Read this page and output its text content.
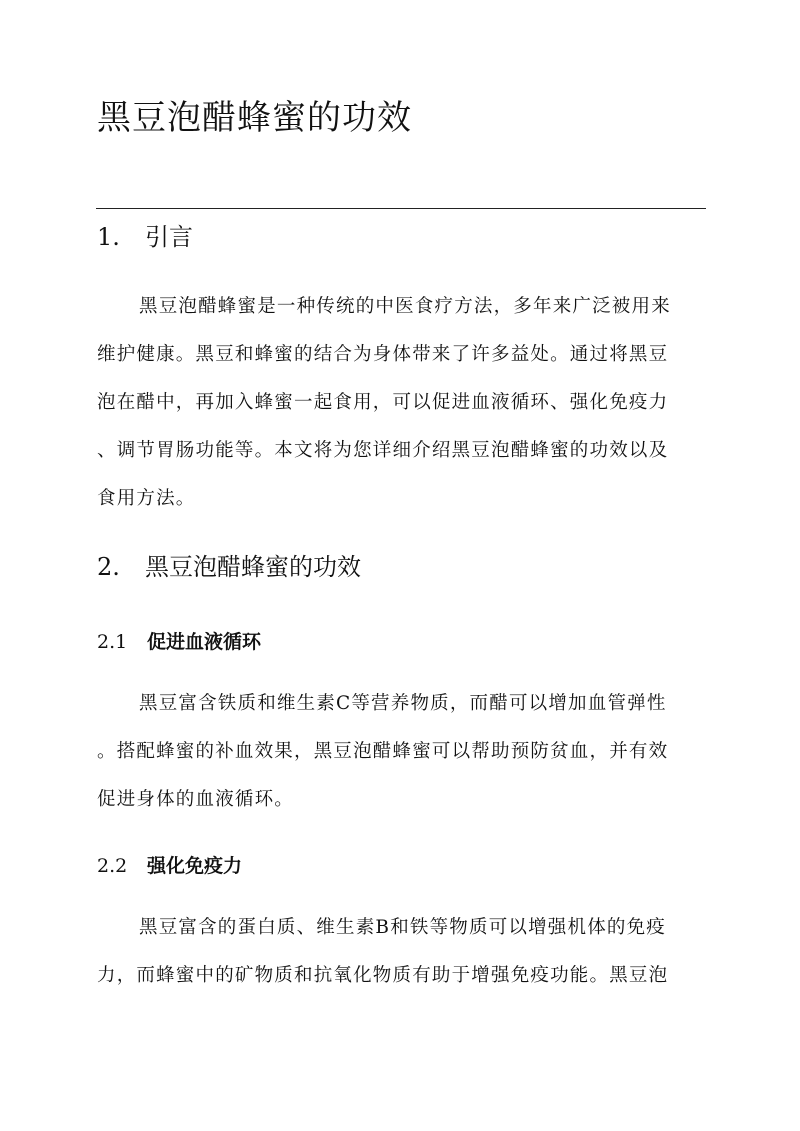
黑豆泡醋蜂蜜的功效
1. 引言
黑豆泡醋蜂蜜是一种传统的中医食疗方法，多年来广泛被用来
维护健康。黑豆和蜂蜜的结合为身体带来了许多益处。通过将黑豆
泡在醋中，再加入蜂蜜一起食用，可以促进血液循环、强化免疫力
、调节胃肠功能等。本文将为您详细介绍黑豆泡醋蜂蜜的功效以及
食用方法。
2. 黑豆泡醋蜂蜜的功效
2.1 促进血液循环
黑豆富含铁质和维生素C等营养物质，而醋可以增加血管弹性
。搭配蜂蜜的补血效果，黑豆泡醋蜂蜜可以帮助预防贫血，并有效
促进身体的血液循环。
2.2 强化免疫力
黑豆富含的蛋白质、维生素B和铁等物质可以增强机体的免疫
力，而蜂蜜中的矿物质和抗氧化物质有助于增强免疫功能。黑豆泡
